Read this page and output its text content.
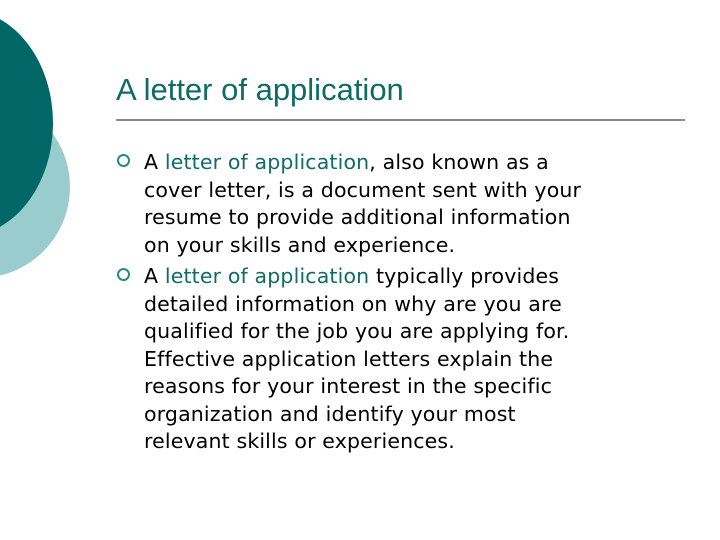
A letter of application
A letter of application, also known as a
cover letter, is a document sent with your
resume to provide additional information
on your skills and experience.
A letter of application typically provides
detailed information on why are you are
qualified for the job you are applying for.
Effective application letters explain the
reasons for your interest in the specific
organization and identify your most
relevant skills or experiences.
